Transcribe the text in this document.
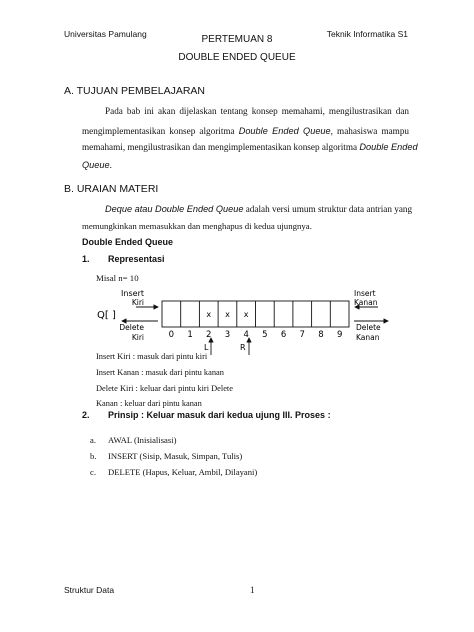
Universitas Pamulang	Teknik Informatika S1
PERTEMUAN 8
DOUBLE ENDED QUEUE
A. TUJUAN PEMBELAJARAN
Pada bab ini akan dijelaskan tentang konsep memahami, mengilustrasikan dan
mengimplementasikan konsep algoritma Double Ended Queue, mahasiswa mampu
memahami, mengilustrasikan dan mengimplementasikan konsep algoritma Double Ended
Queue.
B. URAIAN MATERI
Deque atau Double Ended Queue adalah versi umum struktur data antrian yang
memungkinkan memasukkan dan menghapus di kedua ujungnya.
Double Ended Queue
1. Representasi
Misal n= 10
Q[ ]
Insert
Kiri
Delete
Kiri	0 1
x
2
x
3
x
4 5 6 7 8 9
Insert
Kanan
Delete
Kanan
L	R
Insert Kiri : masuk dari pintu kiri
Insert Kanan : masuk dari pintu kanan
Delete Kiri : keluar dari pintu kiri Delete
Kanan : keluar dari pintu kanan
2. Prinsip : Keluar masuk dari kedua ujung III. Proses :
a. AWAL (Inisialisasi)
b. INSERT (Sisip, Masuk, Simpan, Tulis)
c. DELETE (Hapus, Keluar, Ambil, Dilayani)
Struktur Data	1
